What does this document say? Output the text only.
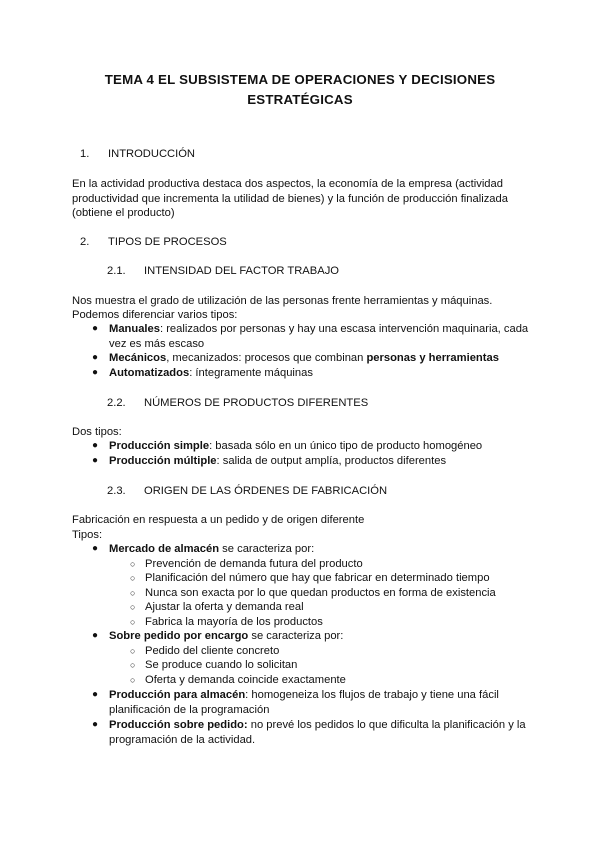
TEMA 4 EL SUBSISTEMA DE OPERACIONES Y DECISIONES
ESTRATÉGICAS
1. INTRODUCCIÓN
En la actividad productiva destaca dos aspectos, la economía de la empresa (actividad productividad que incrementa la utilidad de bienes) y la función de producción finalizada (obtiene el producto)
2. TIPOS DE PROCESOS
2.1. INTENSIDAD DEL FACTOR TRABAJO
Nos muestra el grado de utilización de las personas frente herramientas y máquinas.
Podemos diferenciar varios tipos:
● Manuales: realizados por personas y hay una escasa intervención maquinaria, cada vez es más escaso
● Mecánicos, mecanizados: procesos que combinan personas y herramientas
● Automatizados: íntegramente máquinas
2.2. NÚMEROS DE PRODUCTOS DIFERENTES
Dos tipos:
● Producción simple: basada sólo en un único tipo de producto homogéneo
● Producción múltiple: salida de output amplía, productos diferentes
2.3. ORIGEN DE LAS ÓRDENES DE FABRICACIÓN
Fabricación en respuesta a un pedido y de origen diferente
Tipos:
● Mercado de almacén se caracteriza por:
○ Prevención de demanda futura del producto
○ Planificación del número que hay que fabricar en determinado tiempo
○ Nunca son exacta por lo que quedan productos en forma de existencia
○ Ajustar la oferta y demanda real
○ Fabrica la mayoría de los productos
● Sobre pedido por encargo se caracteriza por:
○ Pedido del cliente concreto
○ Se produce cuando lo solicitan
○ Oferta y demanda coincide exactamente
● Producción para almacén: homogeneiza los flujos de trabajo y tiene una fácil planificación de la programación
● Producción sobre pedido: no prevé los pedidos lo que dificulta la planificación y la programación de la actividad.
